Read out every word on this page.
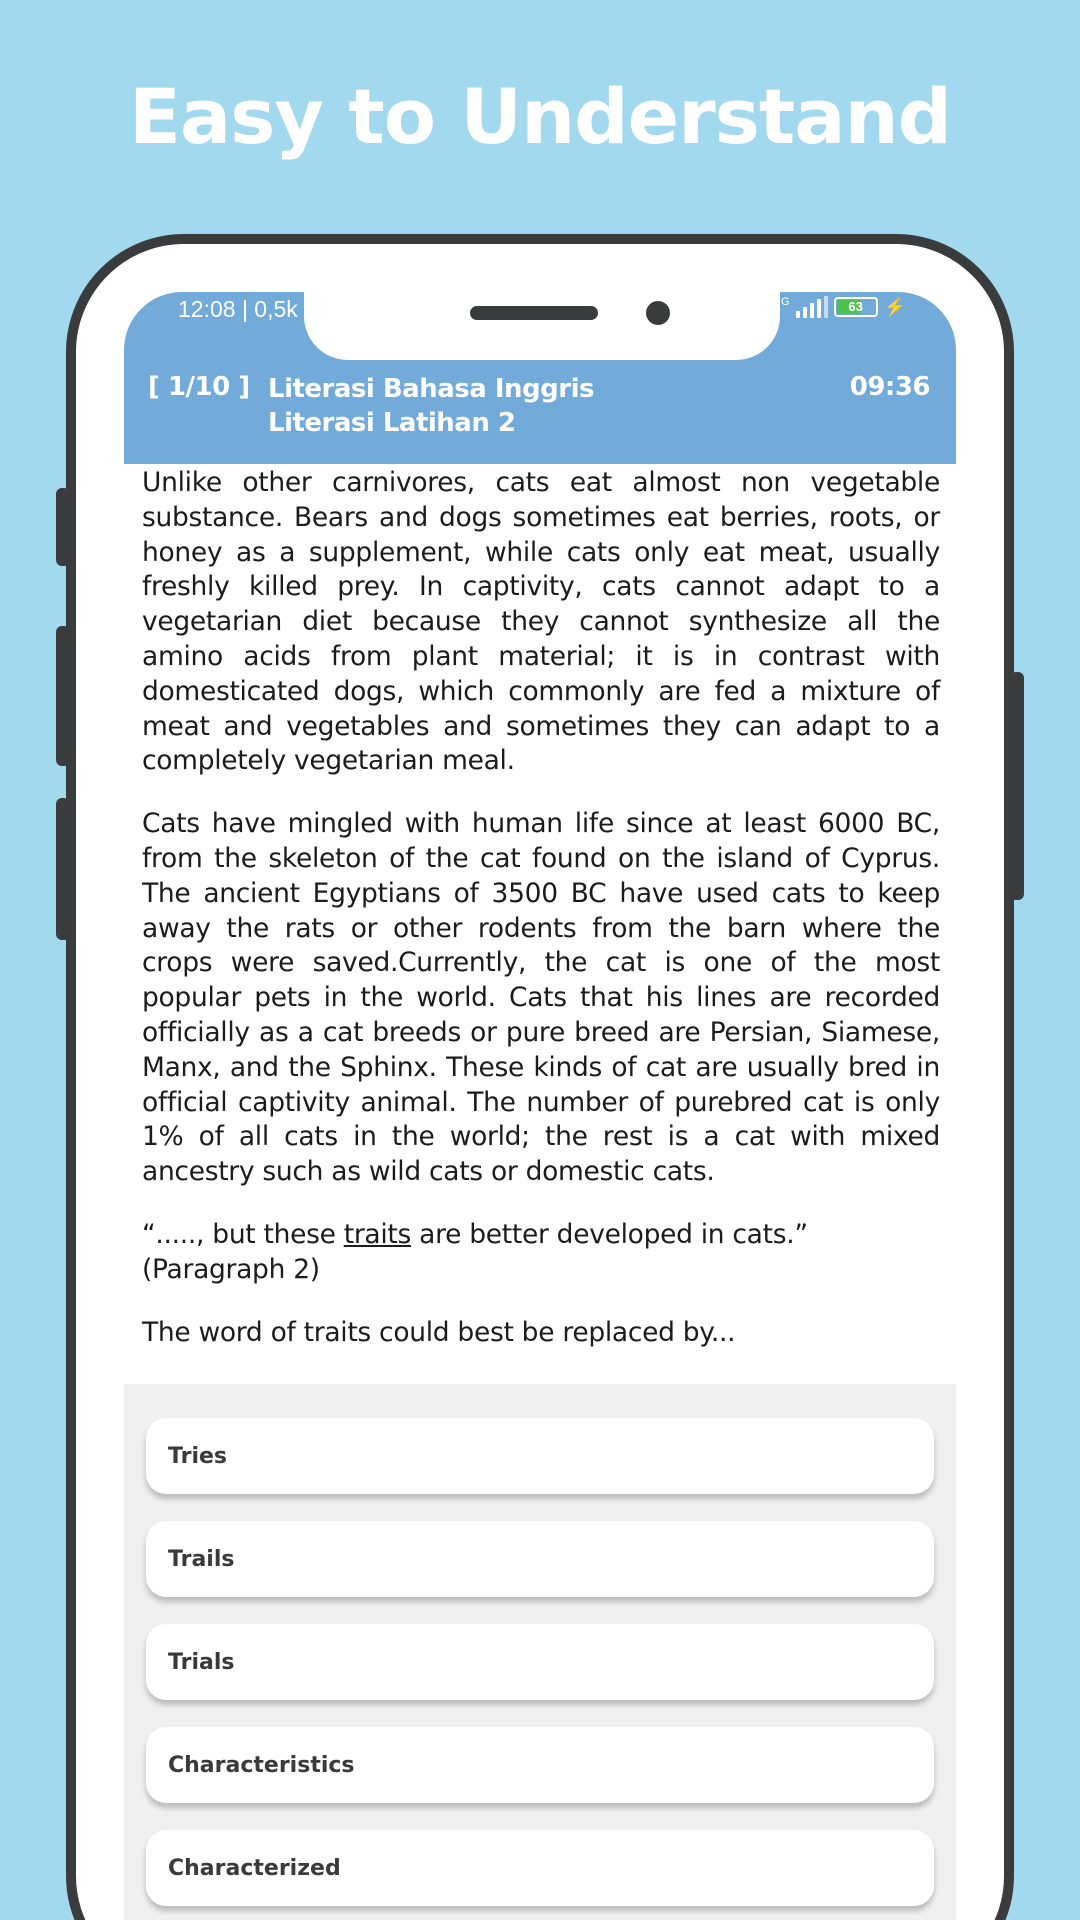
Easy to Understand
12:08 | 0,5k	G	63	⚡
[ 1/10 ] Literasi Bahasa Inggris Literasi Latihan 2
09:36

Unlike other carnivores, cats eat almost non vegetable substance. Bears and dogs sometimes eat berries, roots, or honey as a supplement, while cats only eat meat, usually freshly killed prey. In captivity, cats cannot adapt to a vegetarian diet because they cannot synthesize all the amino acids from plant material; it is in contrast with domesticated dogs, which commonly are fed a mixture of meat and vegetables and sometimes they can adapt to a completely vegetarian meal.

Cats have mingled with human life since at least 6000 BC, from the skeleton of the cat found on the island of Cyprus. The ancient Egyptians of 3500 BC have used cats to keep away the rats or other rodents from the barn where the crops were saved.Currently, the cat is one of the most popular pets in the world. Cats that his lines are recorded officially as a cat breeds or pure breed are Persian, Siamese, Manx, and the Sphinx. These kinds of cat are usually bred in official captivity animal. The number of purebred cat is only 1% of all cats in the world; the rest is a cat with mixed ancestry such as wild cats or domestic cats.

“....., but these traits are better developed in cats.” (Paragraph 2)

The word of traits could best be replaced by...

Tries
Trails
Trials
Characteristics
Characterized
